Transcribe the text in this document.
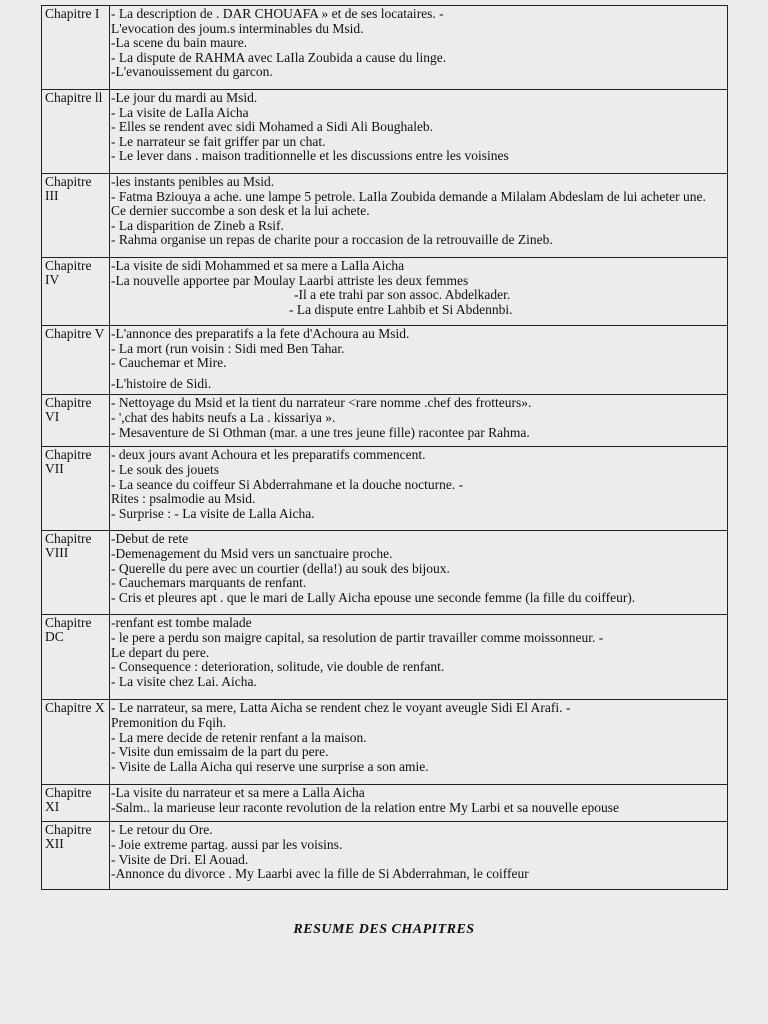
Chapitre I	- La description de . DAR CHOUAFA » et de ses locataires. -
L'evocation des joum.s interminables du Msid.
-La scene du bain maure.
- La dispute de RAHMA avec LaIla Zoubida a cause du linge.
-L'evanouissement du garcon.

Chapitre ll	-Le jour du mardi au Msid.
- La visite de LaIla Aicha
- Elles se rendent avec sidi Mohamed a Sidi Ali Boughaleb.
- Le narrateur se fait griffer par un chat.
- Le lever dans . maison traditionnelle et les discussions entre les voisines

Chapitre III	-les instants penibles au Msid.
- Fatma Bziouya a ache. une lampe 5 petrole. LaIla Zoubida demande a Milalam Abdeslam de lui acheter une. Ce dernier succombe a son desk et la lui achete.
- La disparition de Zineb a Rsif.
- Rahma organise un repas de charite pour a roccasion de la retrouvaille de Zineb.

Chapitre IV	-La visite de sidi Mohammed et sa mere a LaIla Aicha
-La nouvelle apportee par Moulay Laarbi attriste les deux femmes
-Il a ete trahi par son assoc. Abdelkader.
- La dispute entre Lahbib et Si Abdennbi.

Chapitre V	-L'annonce des preparatifs a la fete d'Achoura au Msid.
- La mort (run voisin : Sidi med Ben Tahar.
- Cauchemar et Mire.
-L'histoire de Sidi.

Chapitre VI	- Nettoyage du Msid et la tient du narrateur <rare nomme .chef des frotteurs».
- ',chat des habits neufs a La . kissariya ».
- Mesaventure de Si Othman (mar. a une tres jeune fille) racontee par Rahma.

Chapitre VII	- deux jours avant Achoura et les preparatifs commencent.
- Le souk des jouets
- La seance du coiffeur Si Abderrahmane et la douche nocturne. -
Rites : psalmodie au Msid.
- Surprise : - La visite de Lalla Aicha.

Chapitre VIII	-Debut de rete
-Demenagement du Msid vers un sanctuaire proche.
- Querelle du pere avec un courtier (della!) au souk des bijoux.
- Cauchemars marquants de renfant.
- Cris et pleures apt . que le mari de Lally Aicha epouse une seconde femme (la fille du coiffeur).

Chapitre DC	-renfant est tombe malade
- le pere a perdu son maigre capital, sa resolution de partir travailler comme moissonneur. -
Le depart du pere.
- Consequence : deterioration, solitude, vie double de renfant.
- La visite chez Lai. Aicha.

Chapitre X	- Le narrateur, sa mere, Latta Aicha se rendent chez le voyant aveugle Sidi El Arafi. -
Premonition du Fqih.
- La mere decide de retenir renfant a la maison.
- Visite dun emissaim de la part du pere.
- Visite de Lalla Aicha qui reserve une surprise a son amie.

Chapitre XI	-La visite du narrateur et sa mere a Lalla Aicha
-Salm.. la marieuse leur raconte revolution de la relation entre My Larbi et sa nouvelle epouse

Chapitre XII	- Le retour du Ore.
- Joie extreme partag. aussi par les voisins.
- Visite de Dri. El Aouad.
-Annonce du divorce . My Laarbi avec la fille de Si Abderrahman, le coiffeur
RESUME DES CHAPITRES
